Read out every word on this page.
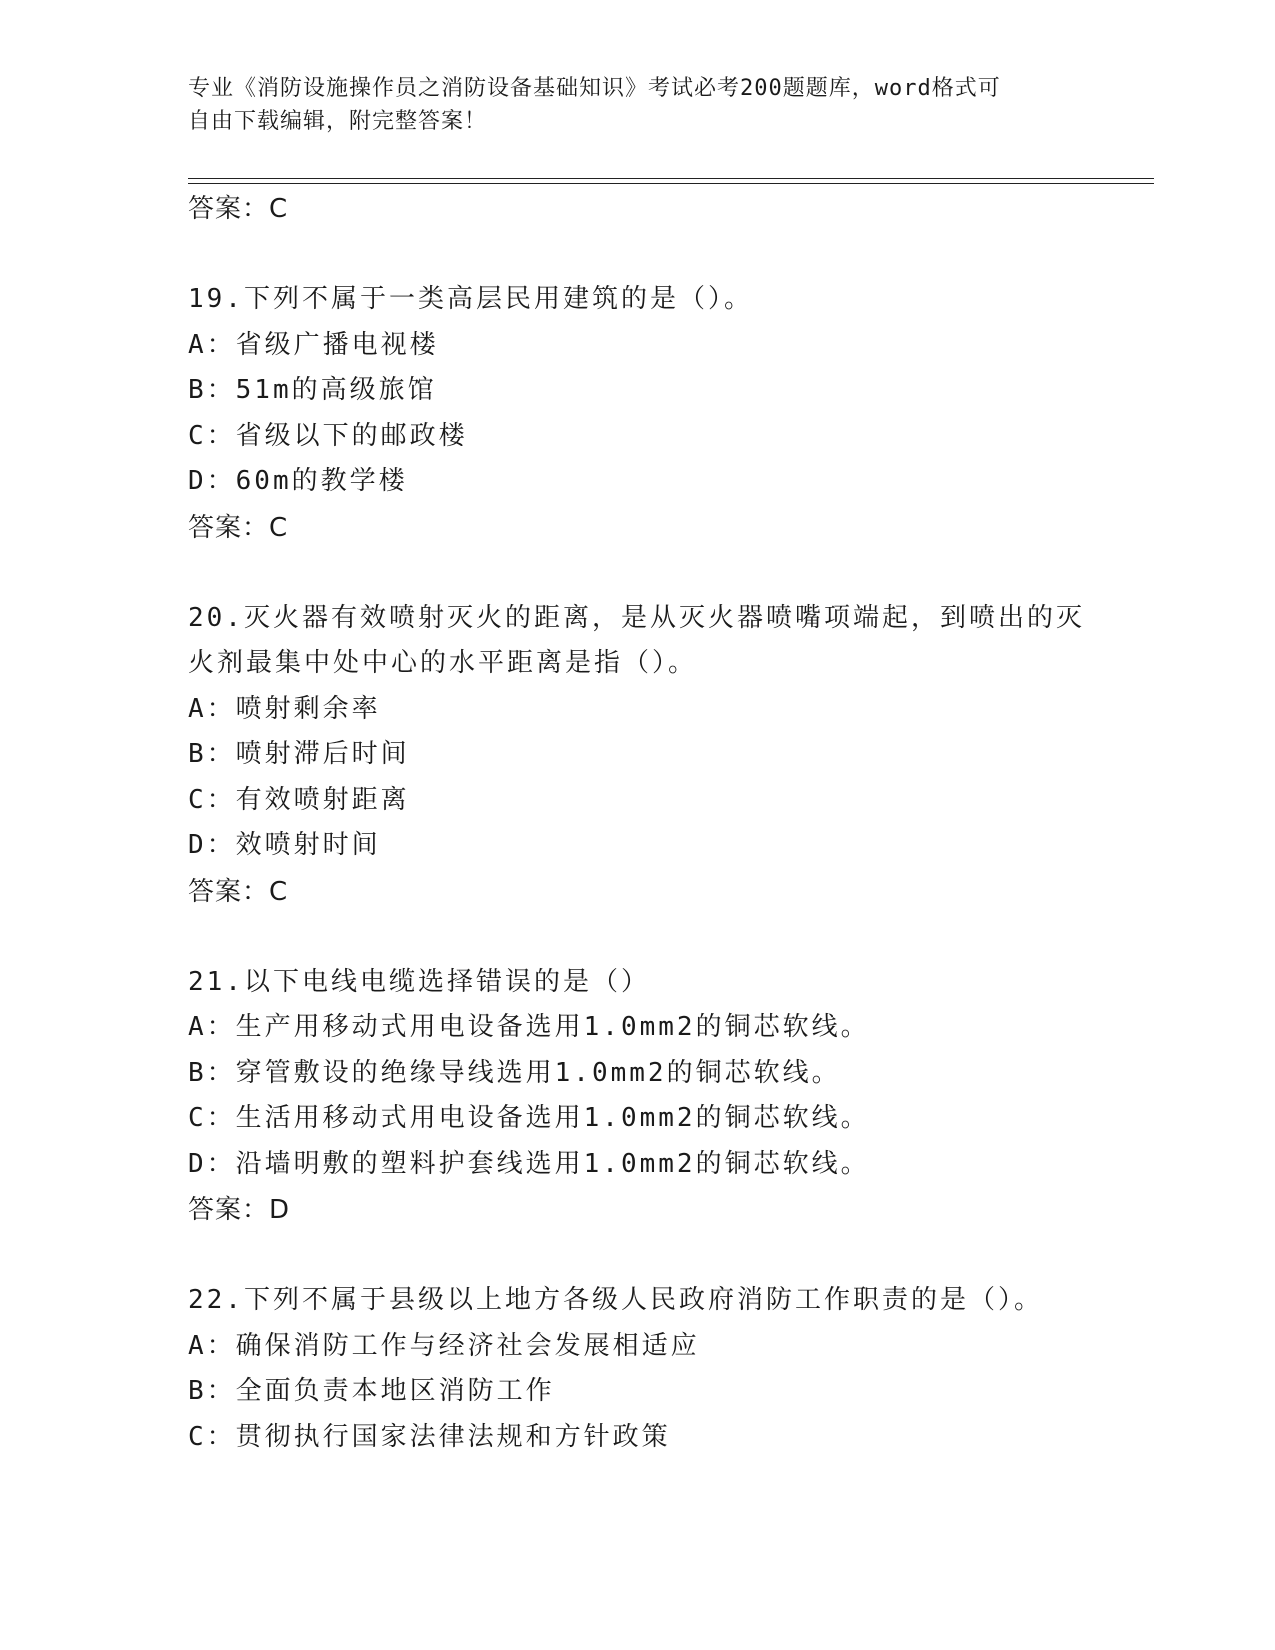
专业《消防设施操作员之消防设备基础知识》考试必考200题题库，word格式可
自由下载编辑，附完整答案！
答案：C
19.下列不属于一类高层民用建筑的是（）。
A：省级广播电视楼
B：51m的高级旅馆
C：省级以下的邮政楼
D：60m的教学楼
答案：C
20.灭火器有效喷射灭火的距离，是从灭火器喷嘴项端起，到喷出的灭
火剂最集中处中心的水平距离是指（）。
A：喷射剩余率
B：喷射滞后时间
C：有效喷射距离
D：效喷射时间
答案：C
21.以下电线电缆选择错误的是（）
A：生产用移动式用电设备选用1.0mm2的铜芯软线。
B：穿管敷设的绝缘导线选用1.0mm2的铜芯软线。
C：生活用移动式用电设备选用1.0mm2的铜芯软线。
D：沿墙明敷的塑料护套线选用1.0mm2的铜芯软线。
答案：D
22.下列不属于县级以上地方各级人民政府消防工作职责的是（）。
A：确保消防工作与经济社会发展相适应
B：全面负责本地区消防工作
C：贯彻执行国家法律法规和方针政策
